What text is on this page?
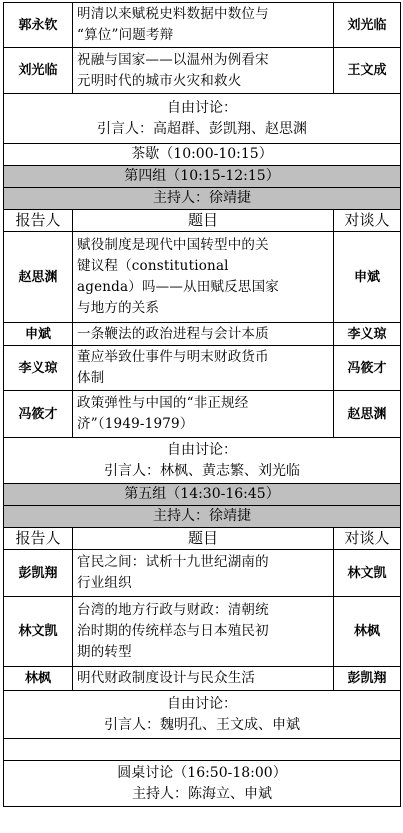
郭永钦	明清以来赋税史料数据中数位与
“算位”问题考辩	刘光临
刘光临	祝融与国家——以温州为例看宋
元明时代的城市火灾和救火	王文成

自由讨论：
引言人：高超群、彭凯翔、赵思渊		

茶歇（10:00-10:15）		
第四组（10:15-12:15）		
主持人：徐靖捷		
报告人	题目	对谈人
赵思渊	赋役制度是现代中国转型中的关
键议程（constitutional
agenda）吗——从田赋反思国家
与地方的关系	申斌
申斌	一条鞭法的政治进程与会计本质	李义琼
李义琼	董应举致仕事件与明末财政货币
体制	冯筱才
冯筱才	政策弹性与中国的“非正规经
济”（1949-1979）	赵思渊

自由讨论：
引言人：林枫、黄志繁、刘光临		

第五组（14:30-16:45）		
主持人：徐靖捷		
报告人	题目	对谈人
彭凯翔	官民之间：试析十九世纪湖南的
行业组织	林文凯
林文凯	台湾的地方行政与财政：清朝统
治时期的传统样态与日本殖民初
期的转型	林枫
林枫	明代财政制度设计与民众生活	彭凯翔

自由讨论：
引言人：魏明孔、王文成、申斌		

圆桌讨论（16:50-18:00）
主持人：陈海立、申斌		
